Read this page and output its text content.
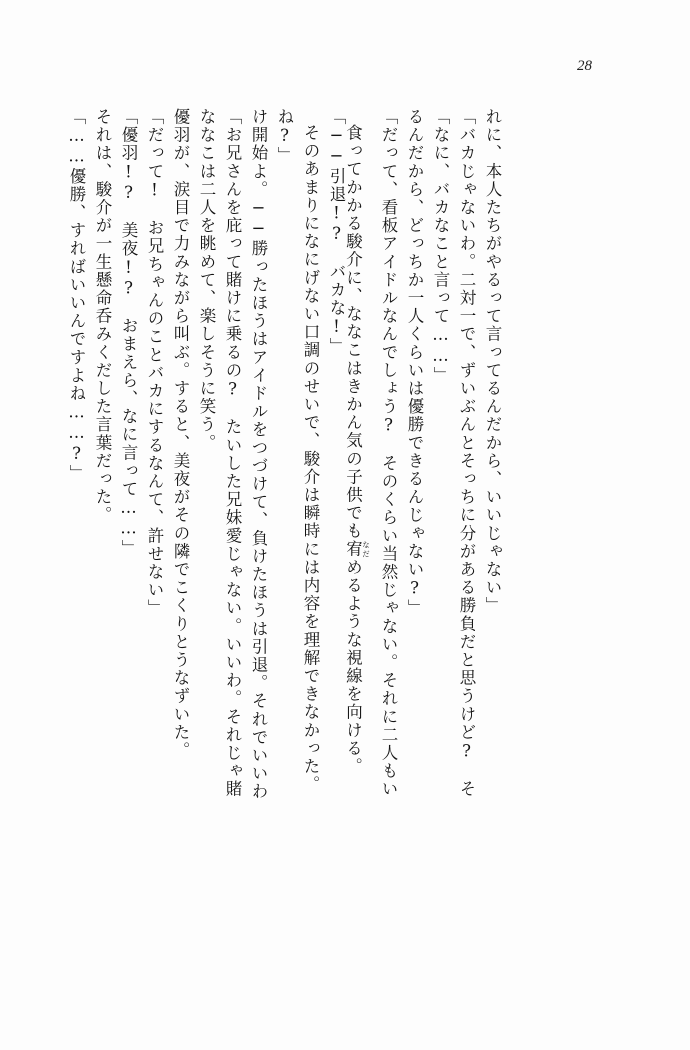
28
「……優勝、すればいいんですよね……?」 それは、駿介が一生懸命呑みくだした言葉だった。 「優羽!?　美夜!?　おまえら、なに言って……」 「だって!　お兄ちゃんのことバカにするなんて、許せない」 優羽が、涙目で力みながら叫ぶ。すると、美夜がその隣でこくりとうなずいた。 ななこは二人を眺めて、楽しそうに笑う。 「お兄さんを庇って賭けに乗るの?　たいした兄妹愛じゃない。いいわ。それじゃ賭 け開始よ。──勝ったほうはアイドルをつづけて、負けたほうは引退。それでいいわ ね?」 そのあまりになにげない口調のせいで、駿介は瞬時には内容を理解できなかった。 「──引退!?　バカな!」
食ってかかる駿介に、ななこはきかん気の子供でも宥 なだめるような視線を向ける。	「だって、看板アイドルなんでしょう?　そのくらい当然じゃない。それに二人もい るんだから、どっちか一人くらいは優勝できるんじゃない?」 「なに、バカなこと言って……」 「バカじゃないわ。二対一で、ずいぶんとそっちに分がある勝負だと思うけど?　そ れに、本人たちがやるって言ってるんだから、いいじゃない」
